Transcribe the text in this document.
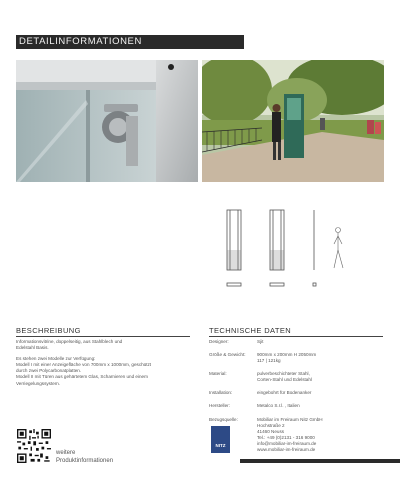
DETAILINFORMATIONEN
BESCHREIBUNG
Informationsvitrine, doppelseitig, aus Stahlblech und
Edelstahl Basis.
Es stehen zwei Modelle zur Verfügung:
Modell I mit einer Anzeigefläche von 700mm x 1000mm, geschützt
durch zwei Polycarbonatplatten.
Modell II mit Türen aus gehärtetem Glas, Scharnieren und einem
Verriegelungssystem.
TECHNISCHE DATEN
Designer:	Sjit
Größe & Gewicht: 900mm x 200mm H 2050mm
117 | 121kg
Material:	pulverbeschichteter Stahl,
Corten-Stahl und Edelstahl
Installation:	eingebohrt für Bodenanker
Hersteller:	Metalco S.r.l. , Italien
Bezugsquelle:	Mobiliar im Freiraum Nitz GmbH
Hochstraße 2
41460 Neuss
Tel.: +49 (0)2131 - 316 9000
info@mobiliar-im-freiraum.de
www.mobiliar-im-freiraum.de
NITZ
weitere
Produktinformationen
